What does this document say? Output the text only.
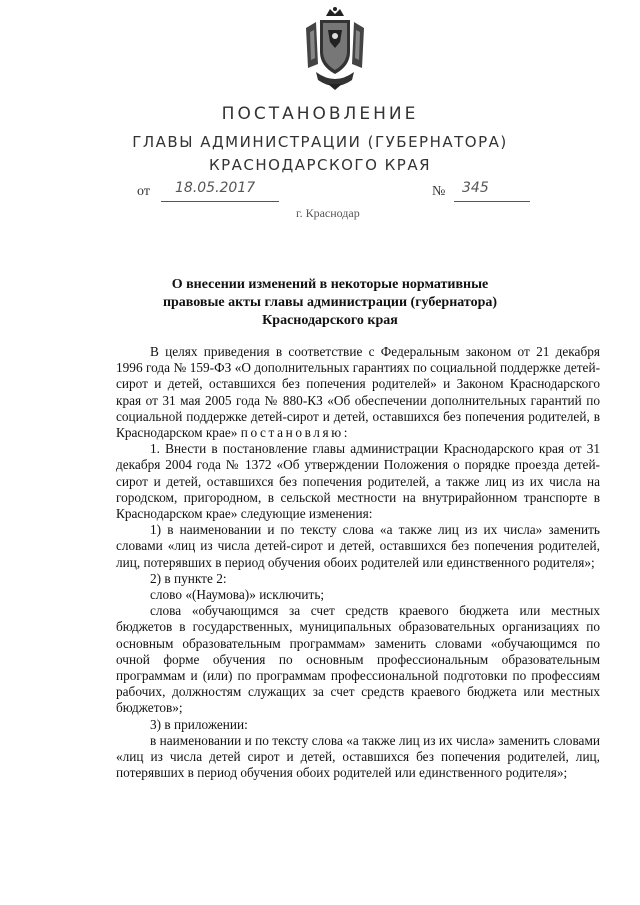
ПОСТАНОВЛЕНИЕ
ГЛАВЫ АДМИНИСТРАЦИИ (ГУБЕРНАТОРА)
КРАСНОДАРСКОГО КРАЯ
от 18.05.2017	№ 345
г. Краснодар
О внесении изменений в некоторые нормативные
правовые акты главы администрации (губернатора)
Краснодарского края

В целях приведения в соответствие с Федеральным законом от 21 декабря 1996 года № 159-ФЗ «О дополнительных гарантиях по социальной поддержке детей-сирот и детей, оставшихся без попечения родителей» и Законом Краснодарского края от 31 мая 2005 года № 880-КЗ «Об обеспечении дополнительных гарантий по социальной поддержке детей-сирот и детей, оставшихся без попечения родителей, в Краснодарском крае» постановляю:

1. Внести в постановление главы администрации Краснодарского края от 31 декабря 2004 года № 1372 «Об утверждении Положения о порядке проезда детей-сирот и детей, оставшихся без попечения родителей, а также лиц из их числа на городском, пригородном, в сельской местности на внутрирайонном транспорте в Краснодарском крае» следующие изменения:

1) в наименовании и по тексту слова «а также лиц из их числа» заменить словами «лиц из числа детей-сирот и детей, оставшихся без попечения родителей, лиц, потерявших в период обучения обоих родителей или единственного родителя»;

2) в пункте 2:

слово «(Наумова)» исключить;

слова «обучающимся за счет средств краевого бюджета или местных бюджетов в государственных, муниципальных образовательных организациях по основным образовательным программам» заменить словами «обучающимся по очной форме обучения по основным профессиональным образовательным программам и (или) по программам профессиональной подготовки по профессиям рабочих, должностям служащих за счет средств краевого бюджета или местных бюджетов»;

3) в приложении:

в наименовании и по тексту слова «а также лиц из их числа» заменить словами «лиц из числа детей сирот и детей, оставшихся без попечения родителей, лиц, потерявших в период обучения обоих родителей или единственного родителя»;
